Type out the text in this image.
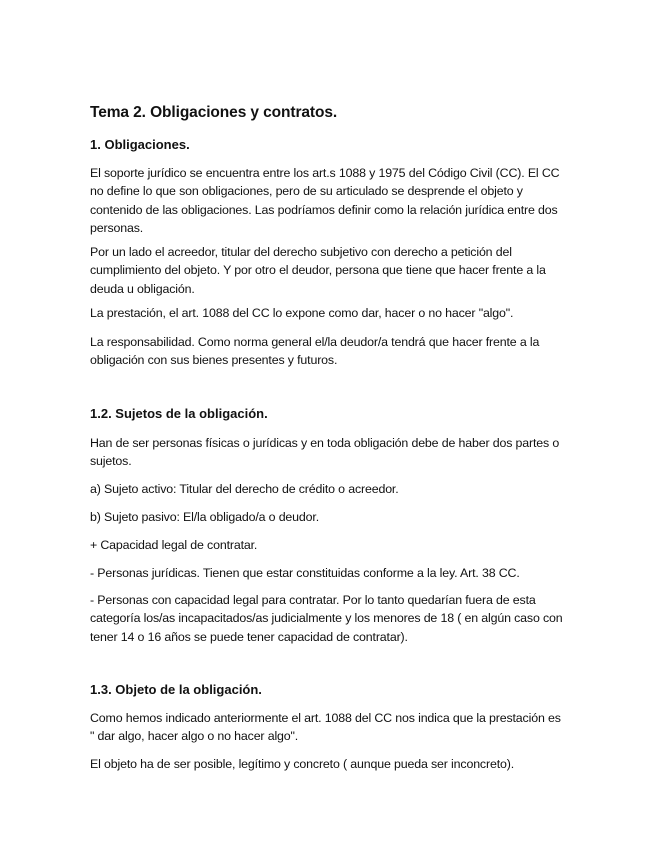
Tema 2. Obligaciones y contratos.
1. Obligaciones.

El soporte jurídico se encuentra entre los art.s 1088 y 1975 del Código Civil (CC). El CC no define lo que son obligaciones, pero de su articulado se desprende el objeto y contenido de las obligaciones. Las podríamos definir como la relación jurídica entre dos personas.

Por un lado el acreedor, titular del derecho subjetivo con derecho a petición del cumplimiento del objeto. Y por otro el deudor, persona que tiene que hacer frente a la deuda u obligación.

La prestación, el art. 1088 del CC lo expone como dar, hacer o no hacer "algo".

La responsabilidad. Como norma general el/la deudor/a tendrá que hacer frente a la obligación con sus bienes presentes y futuros.

1.2. Sujetos de la obligación.

Han de ser personas físicas o jurídicas y en toda obligación debe de haber dos partes o sujetos.

a) Sujeto activo: Titular del derecho de crédito o acreedor.

b) Sujeto pasivo: El/la obligado/a o deudor.

+ Capacidad legal de contratar.

- Personas jurídicas. Tienen que estar constituidas conforme a la ley. Art. 38 CC.

- Personas con capacidad legal para contratar. Por lo tanto quedarían fuera de esta categoría los/as incapacitados/as judicialmente y los menores de 18 ( en algún caso con tener 14 o 16 años se puede tener capacidad de contratar).

1.3. Objeto de la obligación.

Como hemos indicado anteriormente el art. 1088 del CC nos indica que la prestación es " dar algo, hacer algo o no hacer algo".

El objeto ha de ser posible, legítimo y concreto ( aunque pueda ser inconcreto).
